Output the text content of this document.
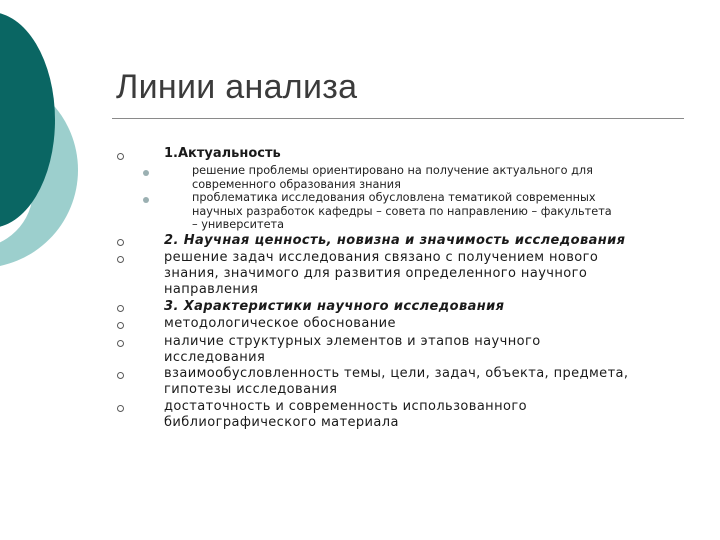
Линии анализа
1.Актуальность
решение проблемы ориентировано на получение актуального для
современного образования знания
проблематика исследования обусловлена тематикой современных
научных разработок кафедры – совета по направлению – факультета
– университета
2. Научная ценность, новизна и значимость исследования
решение задач исследования связано с получением нового
знания, значимого для развития определенного научного
направления
3. Характеристики научного исследования
методологическое обоснование
наличие структурных элементов и этапов научного
исследования
взаимообусловленность темы, цели, задач, объекта, предмета,
гипотезы исследования
достаточность и современность использованного
библиографического материала
